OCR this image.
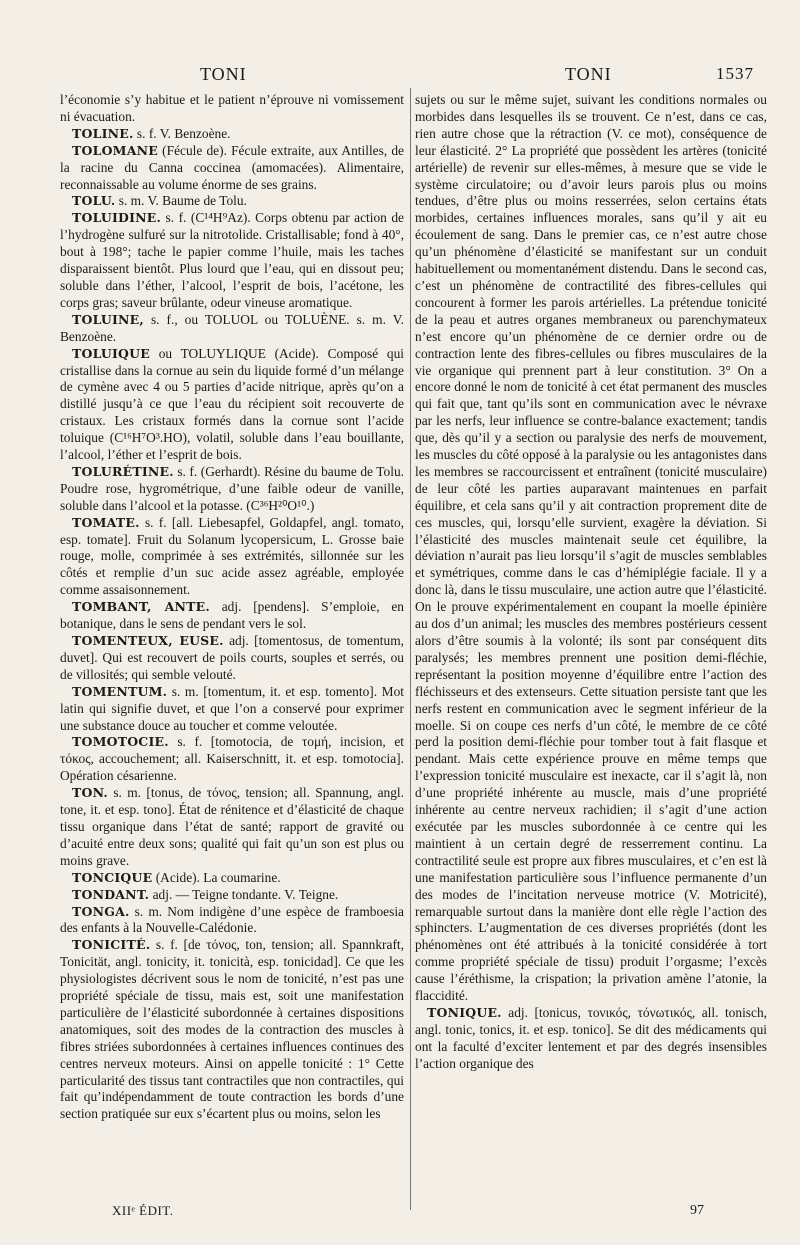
TONI	TONI	1537

l’économie s’y habitue et le patient n’éprouve ni vomissement ni évacuation.

TOLINE. s. f. V. Benzoène.

TOLOMANE (Fécule de). Fécule extraite, aux Antilles, de la racine du Canna coccinea (amomacées). Alimentaire, reconnaissable au volume énorme de ses grains.

TOLU. s. m. V. Baume de Tolu.

TOLUIDINE. s. f. (C¹⁴H⁹Az). Corps obtenu par action de l’hydrogène sulfuré sur la nitrotolide. Cristallisable; fond à 40°, bout à 198°; tache le papier comme l’huile, mais les taches disparaissent bientôt. Plus lourd que l’eau, qui en dissout peu; soluble dans l’éther, l’alcool, l’esprit de bois, l’acétone, les corps gras; saveur brûlante, odeur vineuse aromatique.

TOLUINE, s. f., ou TOLUOL ou TOLUÈNE. s. m. V. Benzoène.

TOLUIQUE ou TOLUYLIQUE (Acide). Composé qui cristallise dans la cornue au sein du liquide formé d’un mélange de cymène avec 4 ou 5 parties d’acide nitrique, après qu’on a distillé jusqu’à ce que l’eau du récipient soit recouverte de cristaux. Les cristaux formés dans la cornue sont l’acide toluique (C¹⁶H⁷O³.HO), volatil, soluble dans l’eau bouillante, l’alcool, l’éther et l’esprit de bois.

TOLURÉTINE. s. f. (Gerhardt). Résine du baume de Tolu. Poudre rose, hygrométrique, d’une faible odeur de vanille, soluble dans l’alcool et la potasse. (C³⁶H²⁰O¹⁰.)

TOMATE. s. f. [all. Liebesapfel, Goldapfel, angl. tomato, esp. tomate]. Fruit du Solanum lycopersicum, L. Grosse baie rouge, molle, comprimée à ses extrémités, sillonnée sur les côtés et remplie d’un suc acide assez agréable, employée comme assaisonnement.

TOMBANT, ANTE. adj. [pendens]. S’emploie, en botanique, dans le sens de pendant vers le sol.

TOMENTEUX, EUSE. adj. [tomentosus, de tomentum, duvet]. Qui est recouvert de poils courts, souples et serrés, ou de villosités; qui semble velouté.

TOMENTUM. s. m. [tomentum, it. et esp. tomento]. Mot latin qui signifie duvet, et que l’on a conservé pour exprimer une substance douce au toucher et comme veloutée.

TOMOTOCIE. s. f. [tomotocia, de τομή, incision, et τόκος, accouchement; all. Kaiserschnitt, it. et esp. tomotocia]. Opération césarienne.

TON. s. m. [tonus, de τόνος, tension; all. Spannung, angl. tone, it. et esp. tono]. État de rénitence et d’élasticité de chaque tissu organique dans l’état de santé; rapport de gravité ou d’acuité entre deux sons; qualité qui fait qu’un son est plus ou moins grave.

TONCIQUE (Acide). La coumarine.

TONDANT. adj. — Teigne tondante. V. Teigne.

TONGA. s. m. Nom indigène d’une espèce de framboesia des enfants à la Nouvelle-Calédonie.

TONICITÉ. s. f. [de τόνος, ton, tension; all. Spannkraft, Tonicität, angl. tonicity, it. tonicità, esp. tonicidad]. Ce que les physiologistes décrivent sous le nom de tonicité, n’est pas une propriété spéciale de tissu, mais est, soit une manifestation particulière de l’élasticité subordonnée à certaines dispositions anatomiques, soit des modes de la contraction des muscles à fibres striées subordonnées à certaines influences continues des centres nerveux moteurs. Ainsi on appelle tonicité : 1° Cette particularité des tissus tant contractiles que non contractiles, qui fait qu’indépendamment de toute contraction les bords d’une section pratiquée sur eux s’écartent plus ou moins, selon les

sujets ou sur le même sujet, suivant les conditions normales ou morbides dans lesquelles ils se trouvent. Ce n’est, dans ce cas, rien autre chose que la rétraction (V. ce mot), conséquence de leur élasticité. 2° La propriété que possèdent les artères (tonicité artérielle) de revenir sur elles-mêmes, à mesure que se vide le système circulatoire; ou d’avoir leurs parois plus ou moins tendues, d’être plus ou moins resserrées, selon certains états morbides, certaines influences morales, sans qu’il y ait eu écoulement de sang. Dans le premier cas, ce n’est autre chose qu’un phénomène d’élasticité se manifestant sur un conduit habituellement ou momentanément distendu. Dans le second cas, c’est un phénomène de contractilité des fibres-cellules qui concourent à former les parois artérielles. La prétendue tonicité de la peau et autres organes membraneux ou parenchymateux n’est encore qu’un phénomène de ce dernier ordre ou de contraction lente des fibres-cellules ou fibres musculaires de la vie organique qui prennent part à leur constitution. 3° On a encore donné le nom de tonicité à cet état permanent des muscles qui fait que, tant qu’ils sont en communication avec le névraxe par les nerfs, leur influence se contre-balance exactement; tandis que, dès qu’il y a section ou paralysie des nerfs de mouvement, les muscles du côté opposé à la paralysie ou les antagonistes dans les membres se raccourcissent et entraînent (tonicité musculaire) de leur côté les parties auparavant maintenues en parfait équilibre, et cela sans qu’il y ait contraction proprement dite de ces muscles, qui, lorsqu’elle survient, exagère la déviation. Si l’élasticité des muscles maintenait seule cet équilibre, la déviation n’aurait pas lieu lorsqu’il s’agit de muscles semblables et symétriques, comme dans le cas d’hémiplégie faciale. Il y a donc là, dans le tissu musculaire, une action autre que l’élasticité. On le prouve expérimentalement en coupant la moelle épinière au dos d’un animal; les muscles des membres postérieurs cessent alors d’être soumis à la volonté; ils sont par conséquent dits paralysés; les membres prennent une position demi-fléchie, représentant la position moyenne d’équilibre entre l’action des fléchisseurs et des extenseurs. Cette situation persiste tant que les nerfs restent en communication avec le segment inférieur de la moelle. Si on coupe ces nerfs d’un côté, le membre de ce côté perd la position demi-fléchie pour tomber tout à fait flasque et pendant. Mais cette expérience prouve en même temps que l’expression tonicité musculaire est inexacte, car il s’agit là, non d’une propriété inhérente au muscle, mais d’une propriété inhérente au centre nerveux rachidien; il s’agit d’une action exécutée par les muscles subordonnée à ce centre qui les maintient à un certain degré de resserrement continu. La contractilité seule est propre aux fibres musculaires, et c’en est là une manifestation particulière sous l’influence permanente d’un des modes de l’incitation nerveuse motrice (V. Motricité), remarquable surtout dans la manière dont elle règle l’action des sphincters. L’augmentation de ces diverses propriétés (dont les phénomènes ont été attribués à la tonicité considérée à tort comme propriété spéciale de tissu) produit l’orgasme; l’excès cause l’éréthisme, la crispation; la privation amène l’atonie, la flaccidité.

TONIQUE. adj. [tonicus, τονικός, τόνωτικός, all. tonisch, angl. tonic, tonics, it. et esp. tonico]. Se dit des médicaments qui ont la faculté d’exciter lentement et par des degrés insensibles l’action organique des

XIIᵉ ÉDIT.	97
